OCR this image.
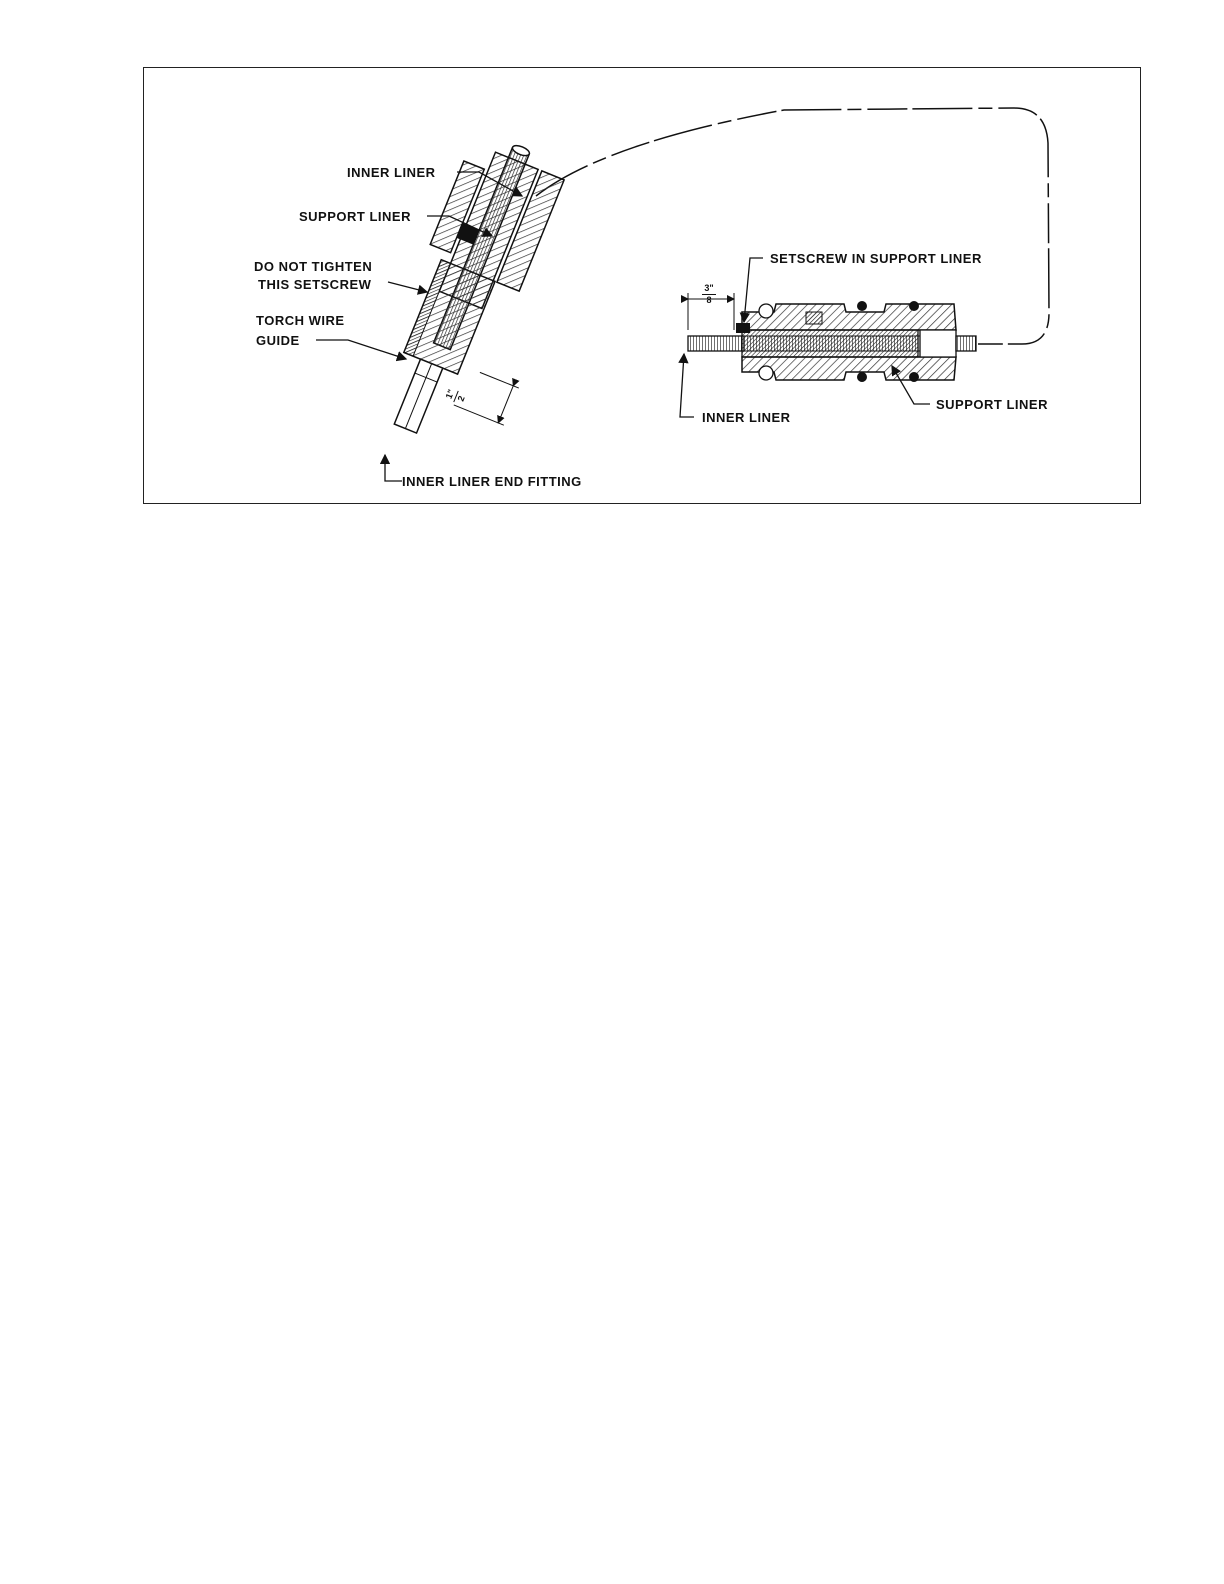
INNER LINER
SUPPORT LINER
DO NOT TIGHTEN
THIS SETSCREW
TORCH WIRE
GUIDE
INNER LINER END FITTING
1" 2
SETSCREW IN SUPPORT LINER
INNER LINER
SUPPORT LINER
3"
8
